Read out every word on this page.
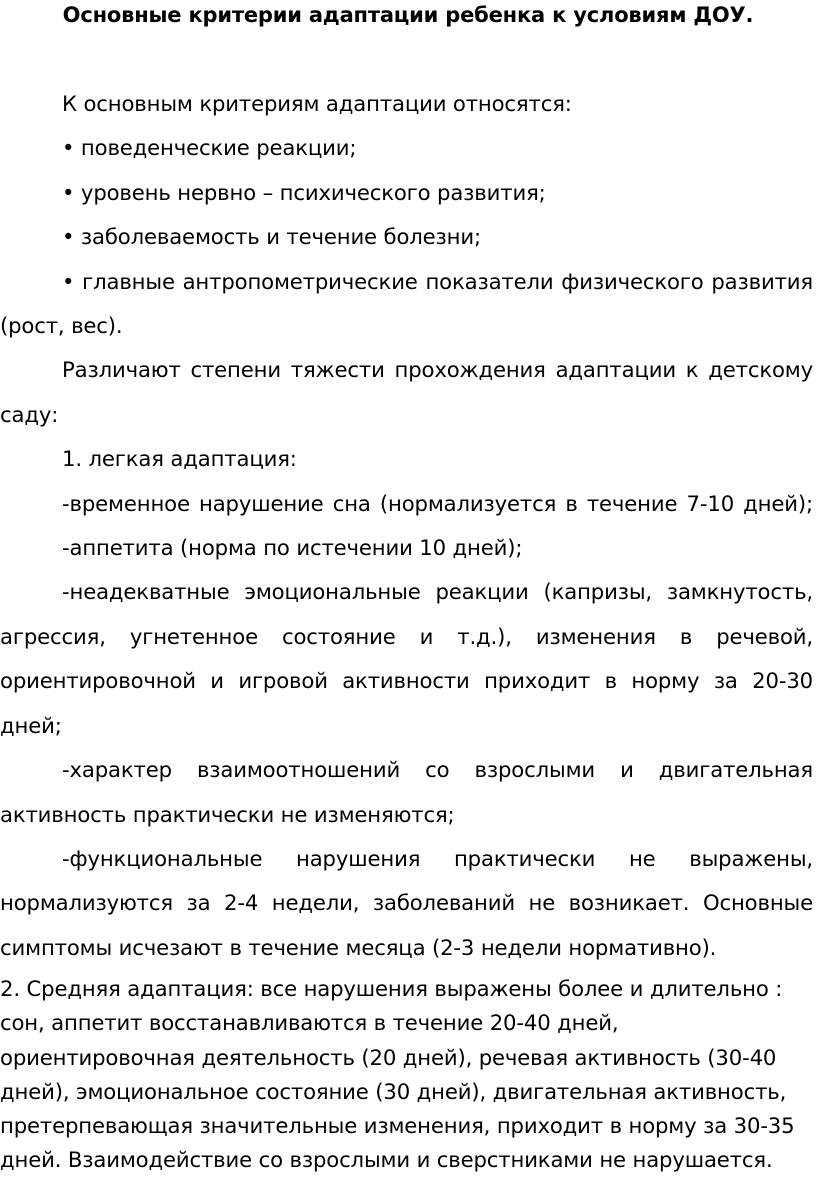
Основные критерии адаптации ребенка к условиям ДОУ.

К основным критериям адаптации относятся:

• поведенческие реакции;

• уровень нервно – психического развития;

• заболеваемость и течение болезни;

• главные антропометрические показатели физического развития (рост, вес).

Различают степени тяжести прохождения адаптации к детскому саду:

1. легкая адаптация:

-временное нарушение сна (нормализуется в течение 7-10 дней);

-аппетита (норма по истечении 10 дней);

-неадекватные эмоциональные реакции (капризы, замкнутость, агрессия, угнетенное состояние и т.д.), изменения в речевой, ориентировочной и игровой активности приходит в норму за 20-30 дней;

-характер взаимоотношений со взрослыми и двигательная активность практически не изменяются;

-функциональные нарушения практически не выражены, нормализуются за 2-4 недели, заболеваний не возникает. Основные симптомы исчезают в течение месяца (2-3 недели нормативно).

2. Средняя адаптация: все нарушения выражены более и длительно : сон, аппетит восстанавливаются в течение 20-40 дней, ориентировочная деятельность (20 дней), речевая активность (30-40 дней), эмоциональное состояние (30 дней), двигательная активность, претерпевающая значительные изменения, приходит в норму за 30-35 дней. Взаимодействие со взрослыми и сверстниками не нарушается.
